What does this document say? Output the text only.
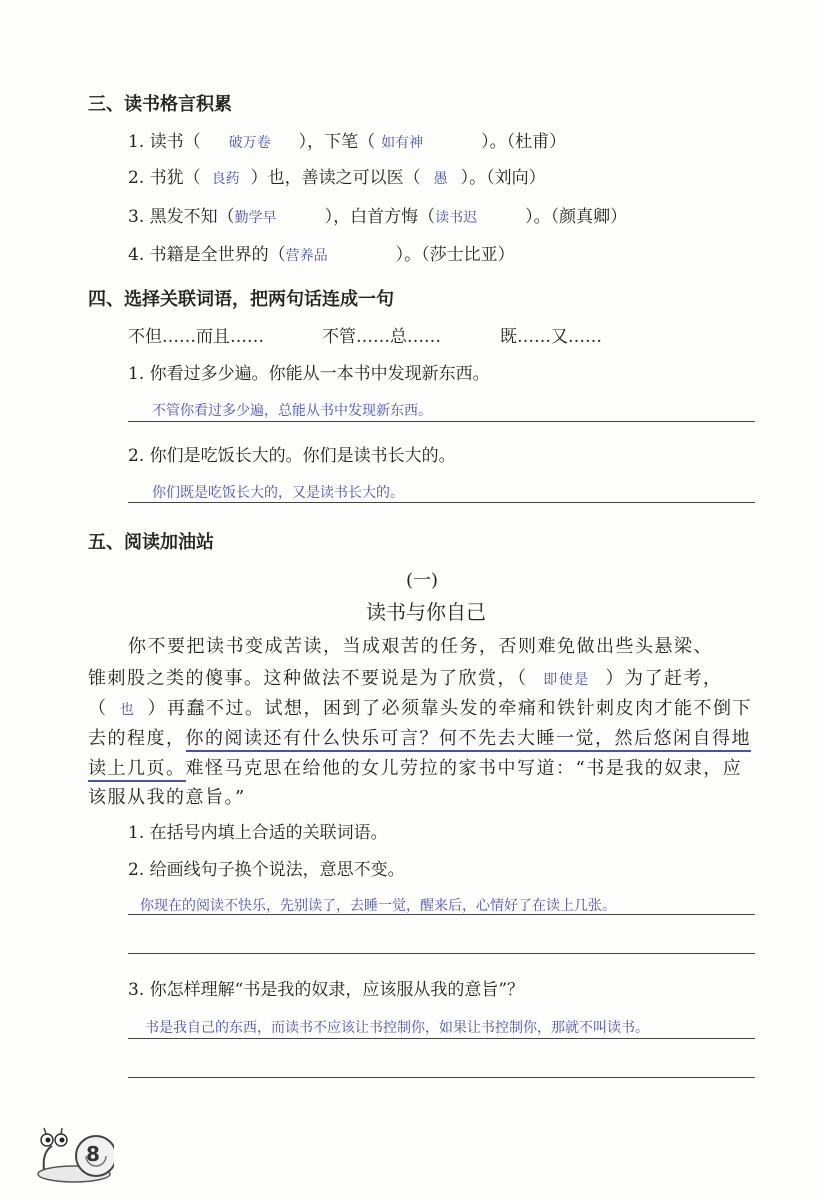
三、读书格言积累
1. 读书（ 破万卷 ），下笔（ 如有神	）。（杜甫）
2. 书犹（ 良药 ）也，善读之可以医（ 愚 ）。（刘向）
3. 黑发不知（勤学早	），白首方悔（读书迟	）。（颜真卿）
4. 书籍是全世界的（营养品	）。（莎士比亚）
四、选择关联词语，把两句话连成一句
不但……而且……	不管……总……	既……又……
1. 你看过多少遍。你能从一本书中发现新东西。
不管你看过多少遍，总能从书中发现新东西。
2. 你们是吃饭长大的。你们是读书长大的。
你们既是吃饭长大的，又是读书长大的。
五、阅读加油站
(一)
读书与你自己
你不要把读书变成苦读，当成艰苦的任务，否则难免做出些头悬梁、
锥刺股之类的傻事。这种做法不要说是为了欣赏，（ 即使是 ）为了赶考，
（ 也 ）再蠢不过。试想，困到了必须靠头发的牵痛和铁针刺皮肉才能不倒下
去的程度，你的阅读还有什么快乐可言？何不先去大睡一觉，然后悠闲自得地
读上几页。难怪马克思在给他的女儿劳拉的家书中写道：“书是我的奴隶，应
该服从我的意旨。”
1. 在括号内填上合适的关联词语。
2. 给画线句子换个说法，意思不变。
你现在的阅读不快乐，先别读了，去睡一觉，醒来后，心情好了在读上几张。
3. 你怎样理解“书是我的奴隶，应该服从我的意旨”？
书是我自己的东西，而读书不应该让书控制你，如果让书控制你，那就不叫读书。
8
